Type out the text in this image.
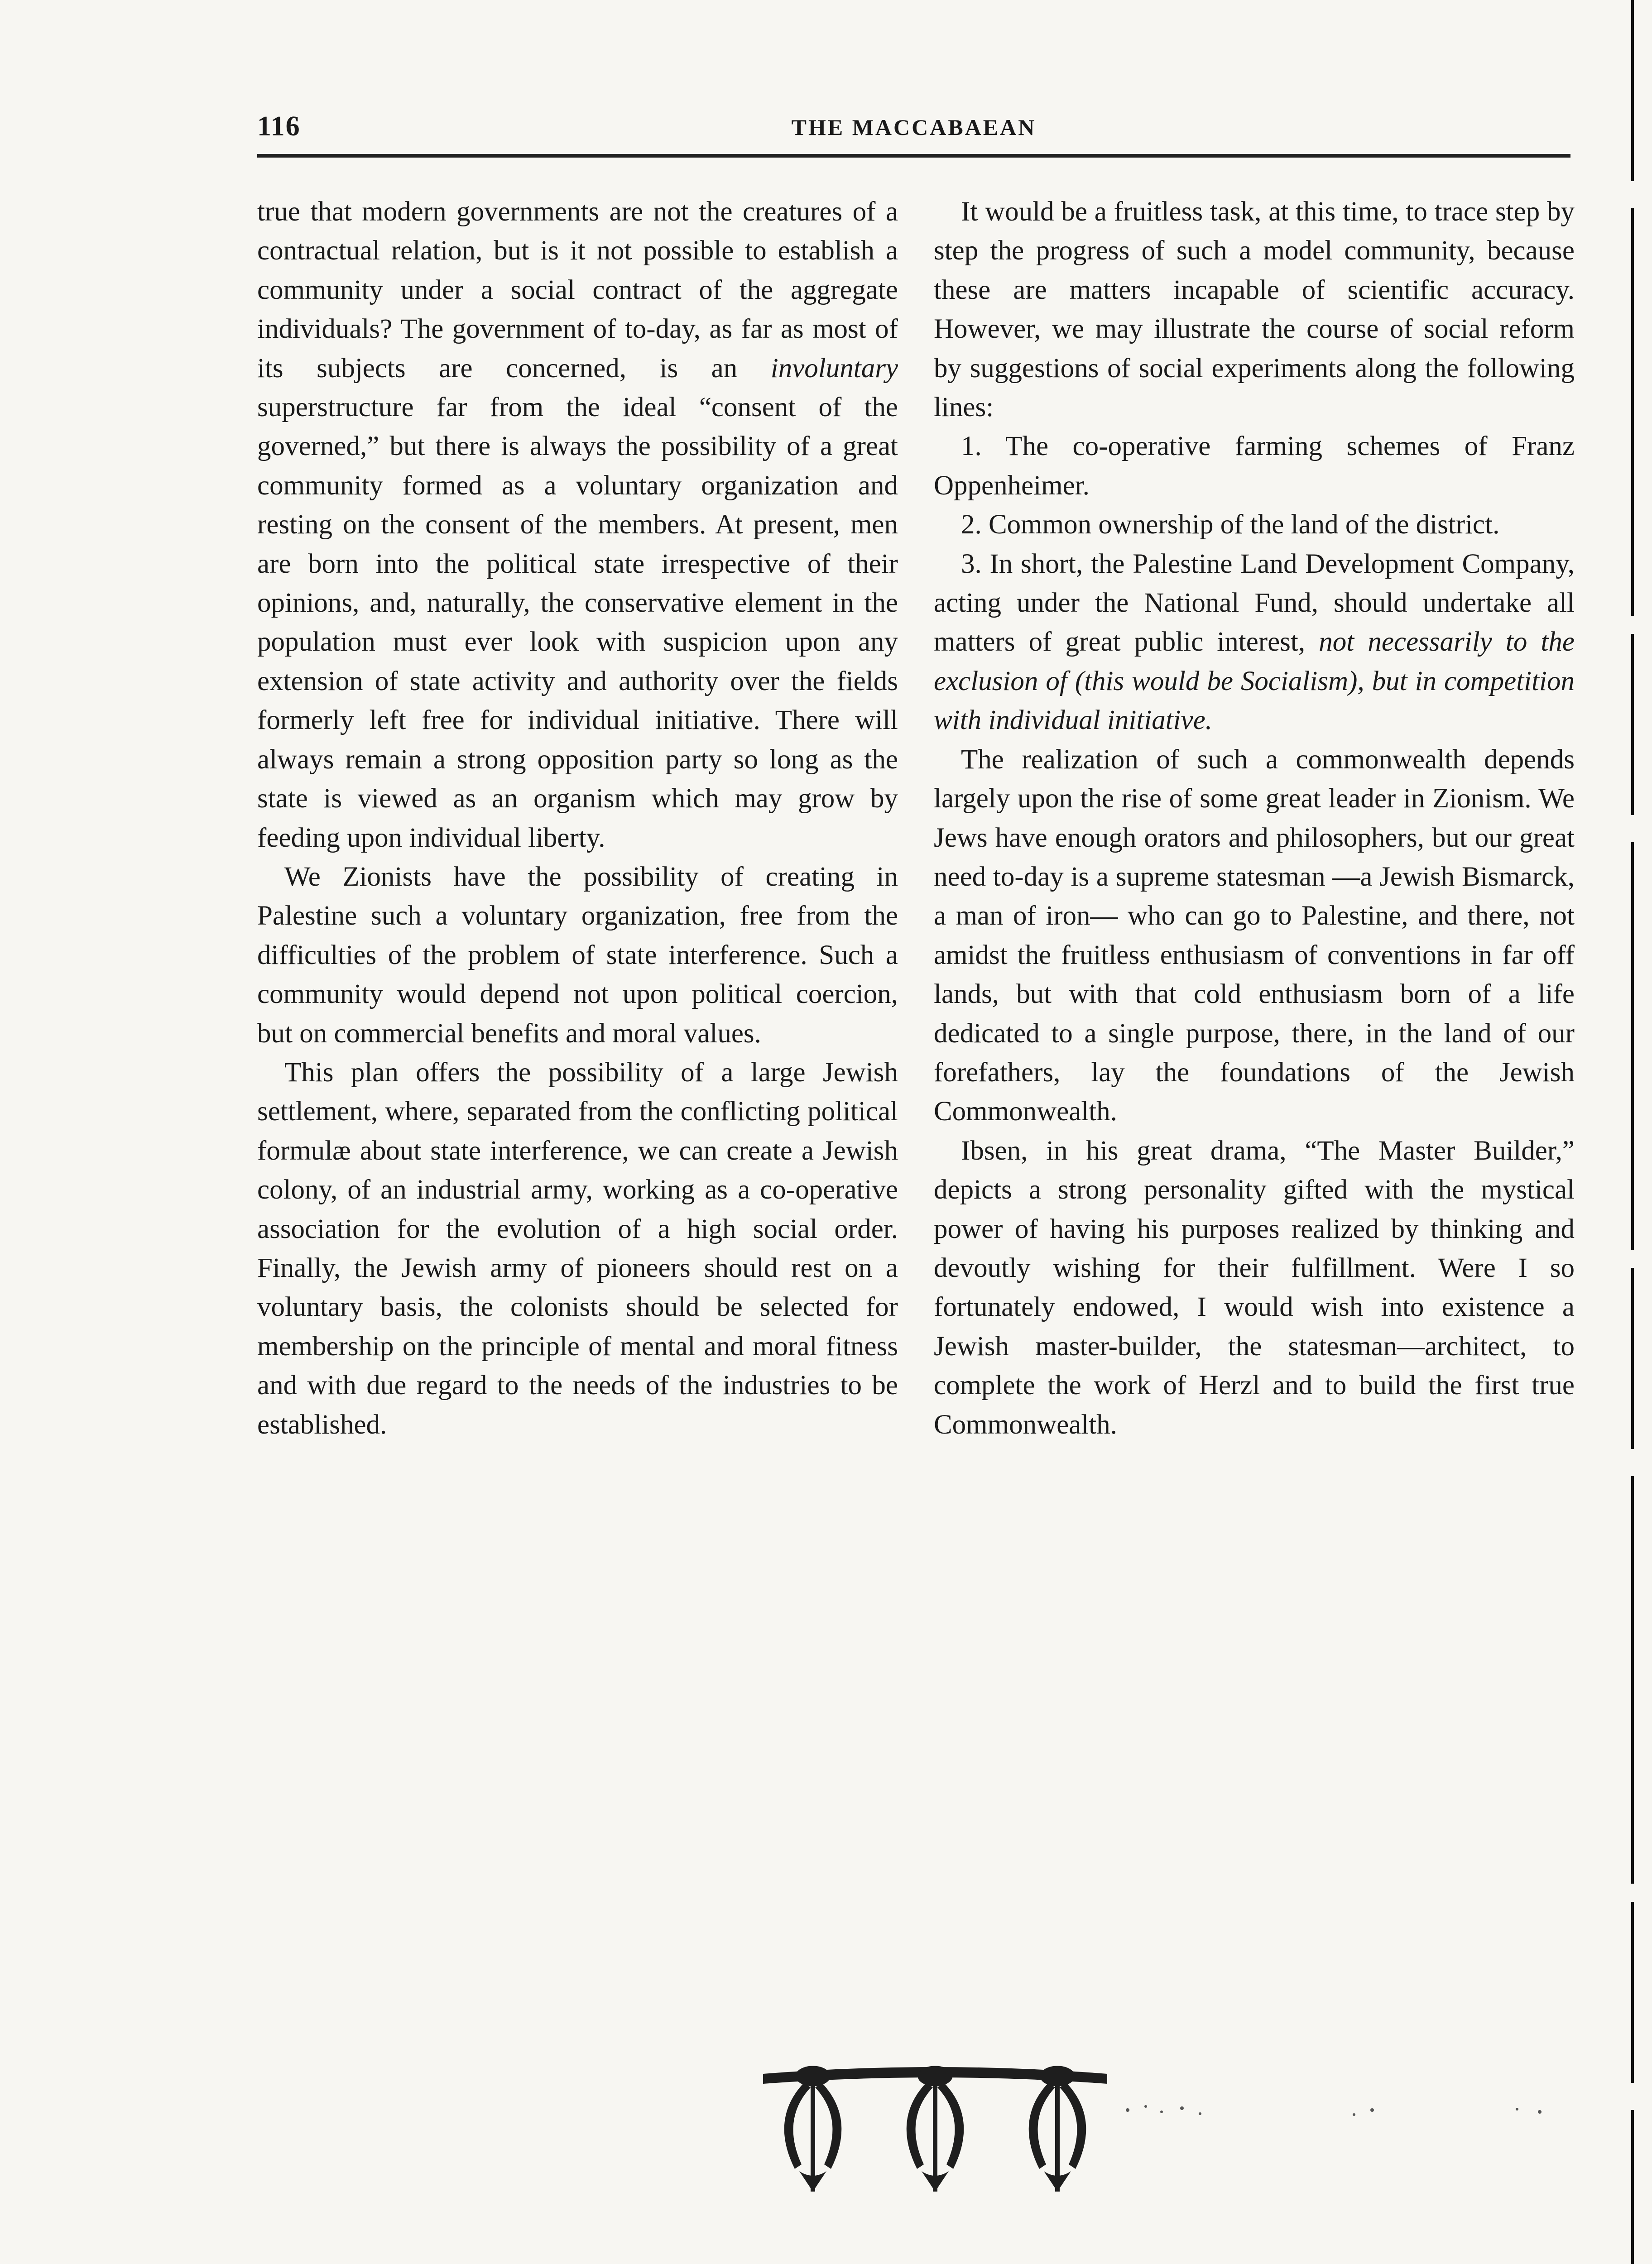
116	THE MACCABAEAN

true that modern governments are not the creatures of a contractual relation, but is it not possible to establish a community under a social contract of the aggregate individuals? The government of to-day, as far as most of its subjects are concerned, is an involuntary superstructure far from the ideal “consent of the governed,” but there is always the possibility of a great community formed as a voluntary organization and resting on the consent of the members. At present, men are born into the political state irrespective of their opinions, and, naturally, the conservative element in the population must ever look with suspicion upon any extension of state activity and authority over the fields formerly left free for individual initiative. There will always remain a strong opposition party so long as the state is viewed as an organism which may grow by feeding upon individual liberty.

We Zionists have the possibility of creating in Palestine such a voluntary organization, free from the difficulties of the problem of state interference. Such a community would depend not upon political coercion, but on commercial benefits and moral values.

This plan offers the possibility of a large Jewish settlement, where, separated from the conflicting political formulæ about state interference, we can create a Jewish colony, of an industrial army, working as a co-operative association for the evolution of a high social order. Finally, the Jewish army of pioneers should rest on a voluntary basis, the colonists should be selected for membership on the principle of mental and moral fitness and with due regard to the needs of the industries to be established.

It would be a fruitless task, at this time, to trace step by step the progress of such a model community, because these are matters incapable of scientific accuracy. However, we may illustrate the course of social reform by suggestions of social experiments along the following lines:

1. The co-operative farming schemes of Franz Oppenheimer.

2. Common ownership of the land of the district.

3. In short, the Palestine Land Development Company, acting under the National Fund, should undertake all matters of great public interest, not necessarily to the exclusion of (this would be Socialism), but in competition with individual initiative.

The realization of such a commonwealth depends largely upon the rise of some great leader in Zionism. We Jews have enough orators and philosophers, but our great need to-day is a supreme statesman —a Jewish Bismarck, a man of iron— who can go to Palestine, and there, not amidst the fruitless enthusiasm of conventions in far off lands, but with that cold enthusiasm born of a life dedicated to a single purpose, there, in the land of our forefathers, lay the foundations of the Jewish Commonwealth.

Ibsen, in his great drama, “The Master Builder,” depicts a strong personality gifted with the mystical power of having his purposes realized by thinking and devoutly wishing for their fulfillment. Were I so fortunately endowed, I would wish into existence a Jewish master-builder, the statesman—architect, to complete the work of Herzl and to build the first true Commonwealth.
